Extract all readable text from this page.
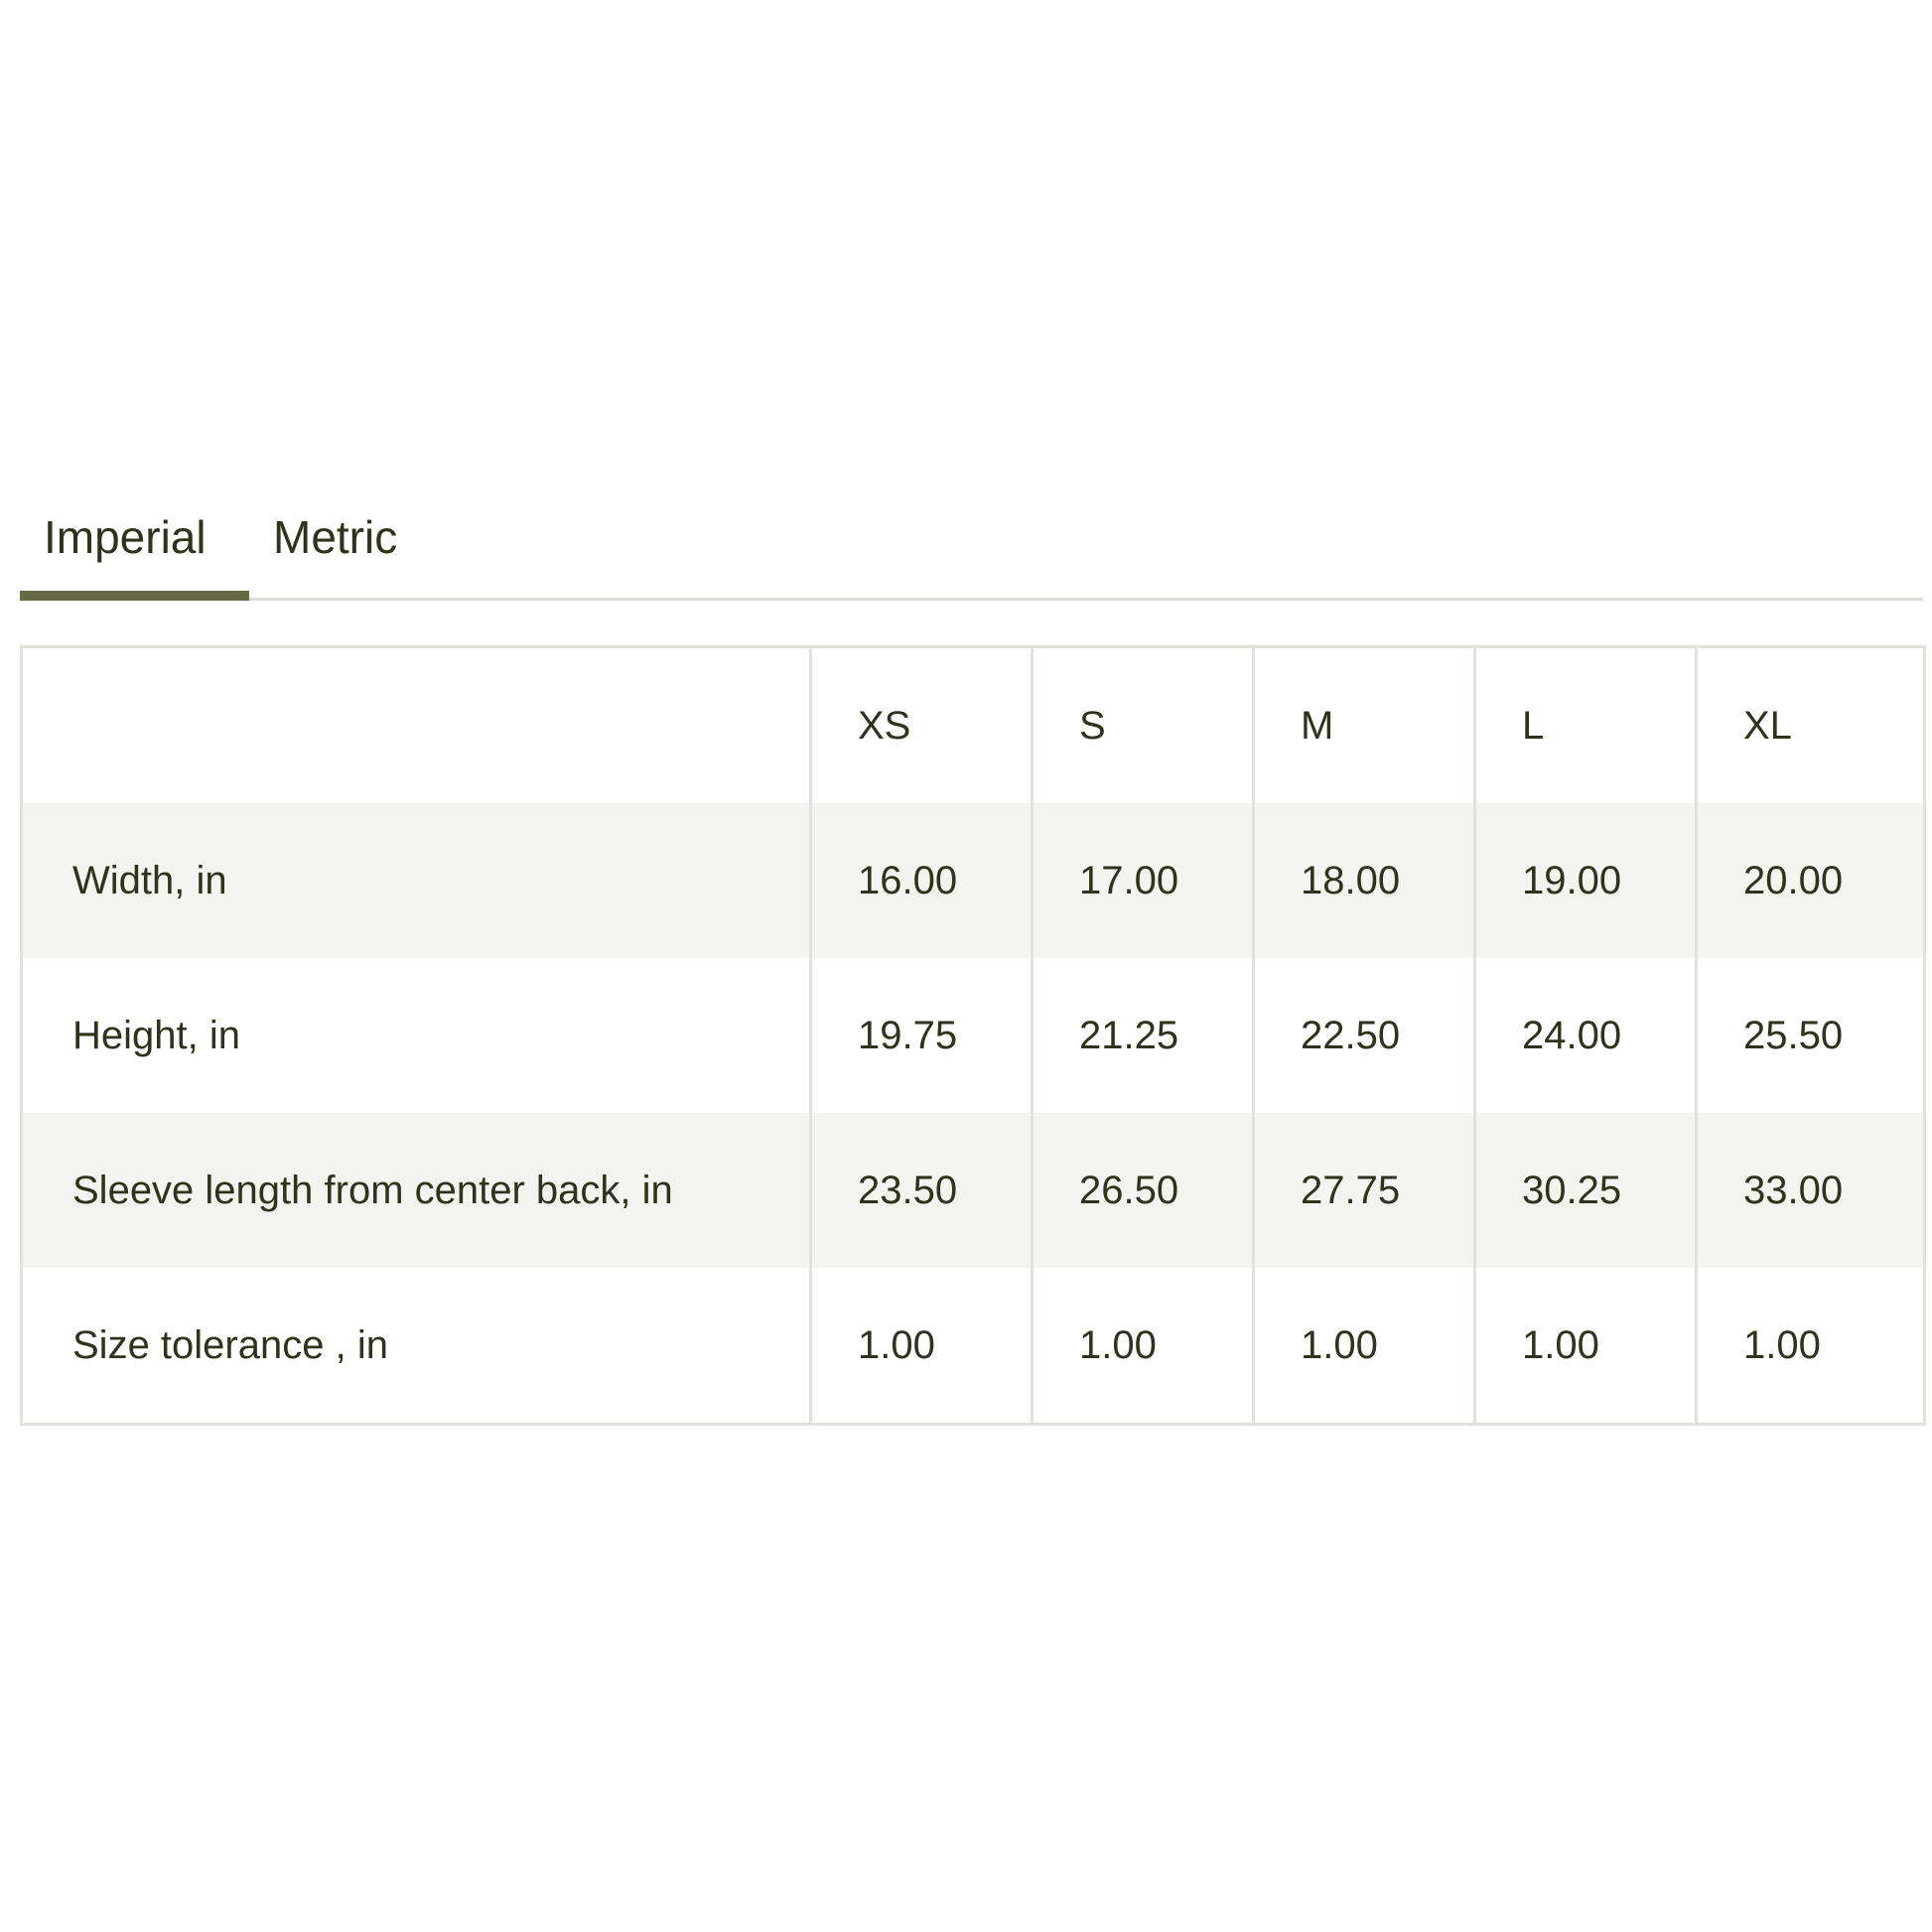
Imperial	Metric
	XS	S	M	L	XL
Width, in	16.00	17.00	18.00	19.00	20.00
Height, in	19.75	21.25	22.50	24.00	25.50
Sleeve length from center back, in	23.50	26.50	27.75	30.25	33.00
Size tolerance , in	1.00	1.00	1.00	1.00	1.00
